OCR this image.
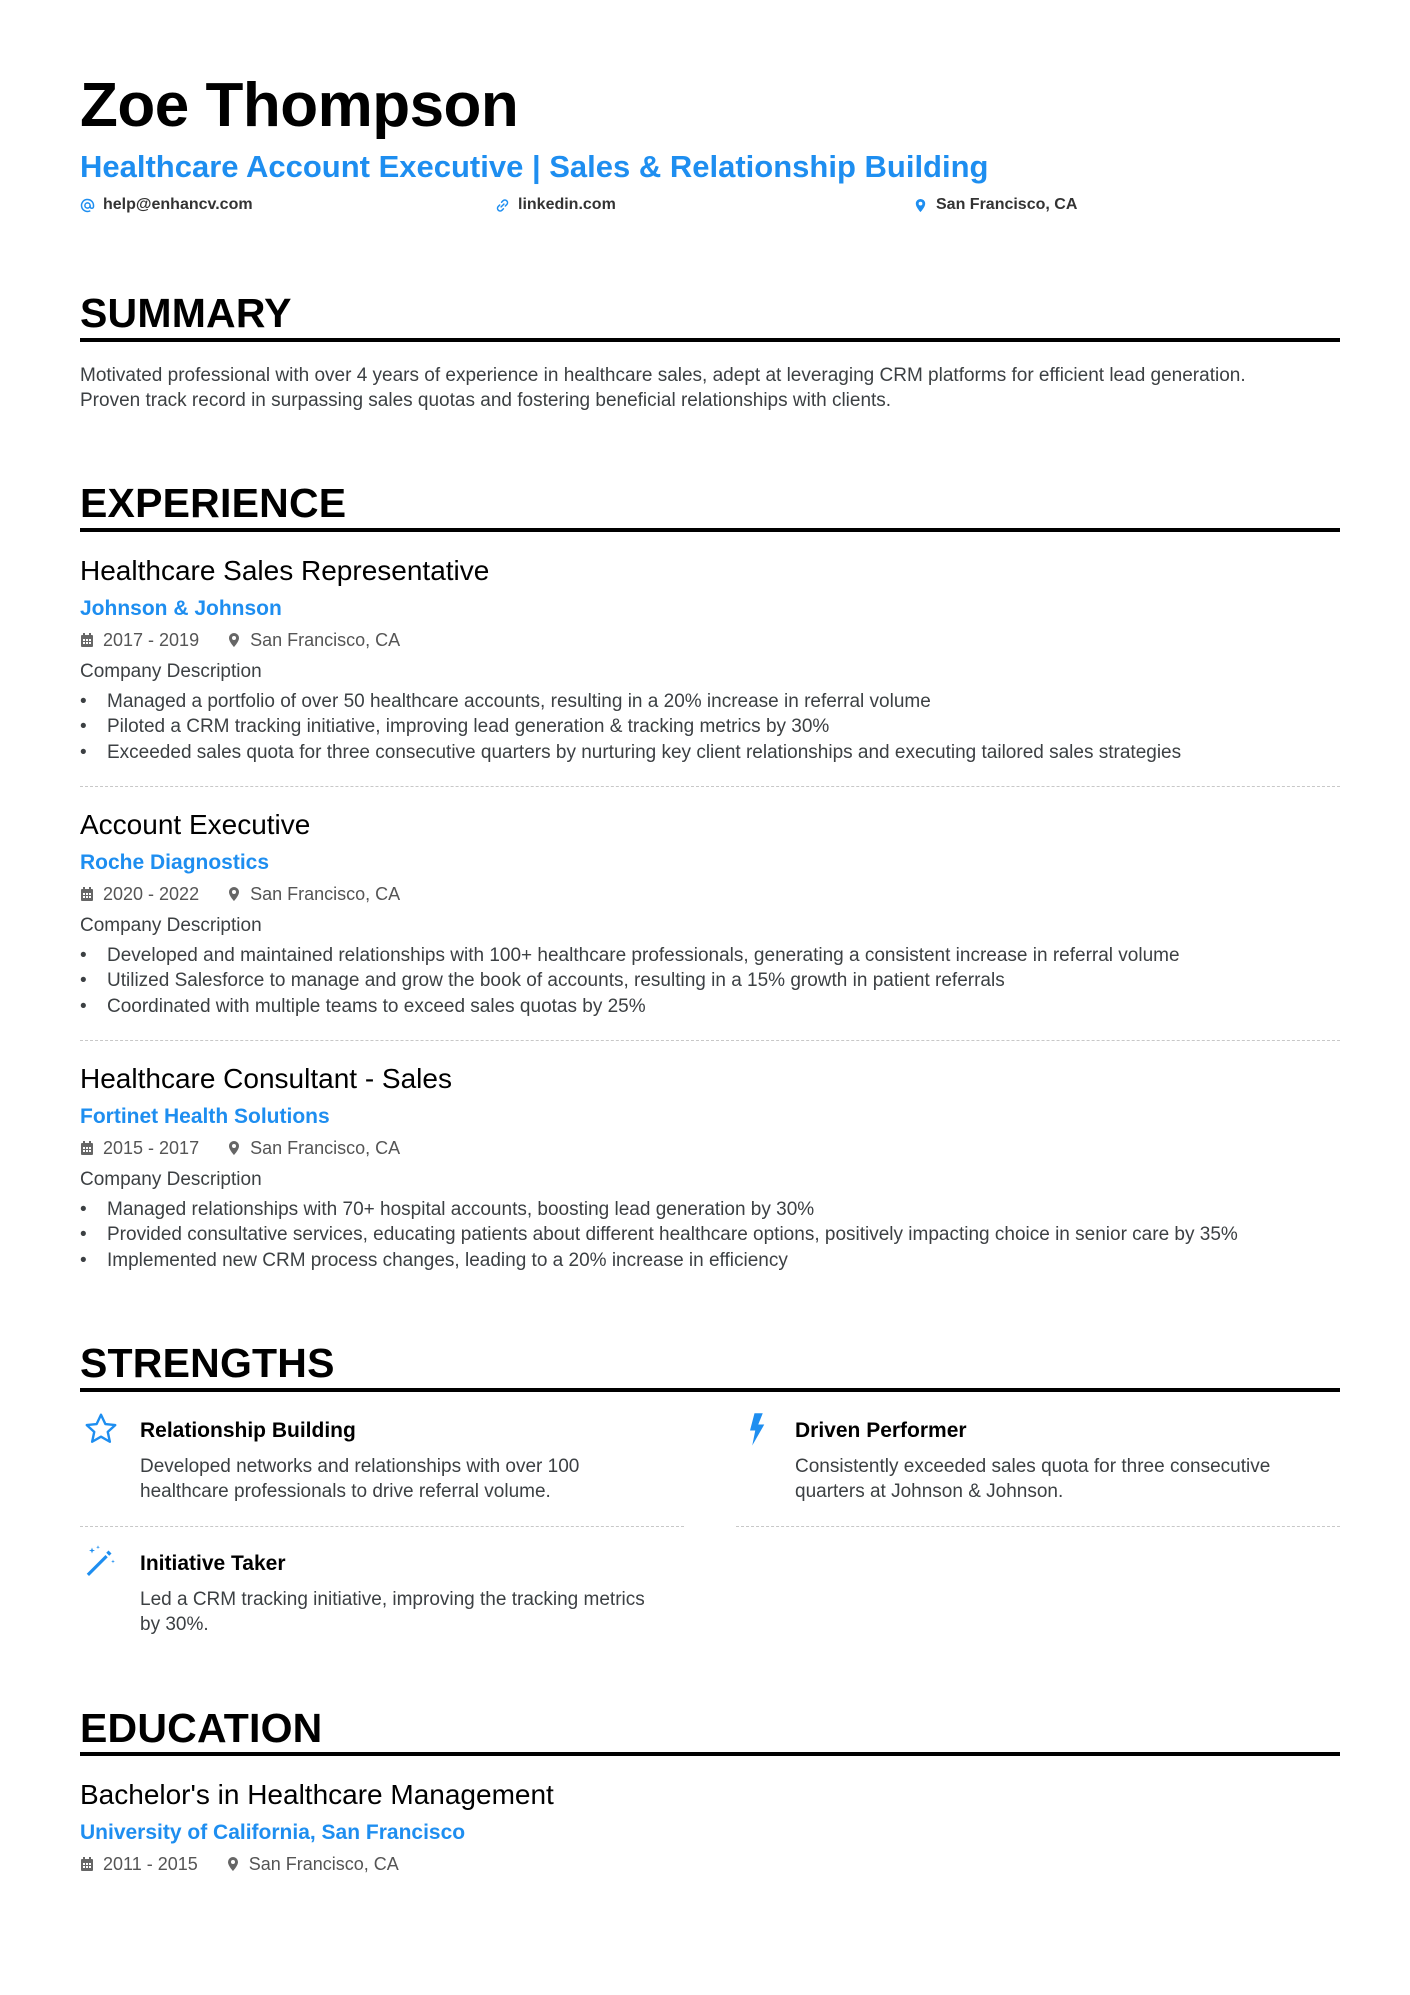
Zoe Thompson
Healthcare Account Executive | Sales & Relationship Building
help@enhancv.com	linkedin.com	San Francisco, CA
SUMMARY
Motivated professional with over 4 years of experience in healthcare sales, adept at leveraging CRM platforms for efficient lead generation.
Proven track record in surpassing sales quotas and fostering beneficial relationships with clients.
EXPERIENCE
Healthcare Sales Representative
Johnson & Johnson
2017 - 2019	San Francisco, CA
Company Description
•	Managed a portfolio of over 50 healthcare accounts, resulting in a 20% increase in referral volume
•	Piloted a CRM tracking initiative, improving lead generation & tracking metrics by 30%
•	Exceeded sales quota for three consecutive quarters by nurturing key client relationships and executing tailored sales strategies
Account Executive
Roche Diagnostics
2020 - 2022	San Francisco, CA
Company Description
•	Developed and maintained relationships with 100+ healthcare professionals, generating a consistent increase in referral volume
•	Utilized Salesforce to manage and grow the book of accounts, resulting in a 15% growth in patient referrals
•	Coordinated with multiple teams to exceed sales quotas by 25%
Healthcare Consultant - Sales
Fortinet Health Solutions
2015 - 2017	San Francisco, CA
Company Description
•	Managed relationships with 70+ hospital accounts, boosting lead generation by 30%
•	Provided consultative services, educating patients about different healthcare options, positively impacting choice in senior care by 35%
•	Implemented new CRM process changes, leading to a 20% increase in efficiency
STRENGTHS
Relationship Building
Developed networks and relationships with over 100 healthcare professionals to drive referral volume.
Driven Performer
Consistently exceeded sales quota for three consecutive quarters at Johnson & Johnson.
Initiative Taker
Led a CRM tracking initiative, improving the tracking metrics by 30%.
EDUCATION
Bachelor's in Healthcare Management
University of California, San Francisco
2011 - 2015	San Francisco, CA
